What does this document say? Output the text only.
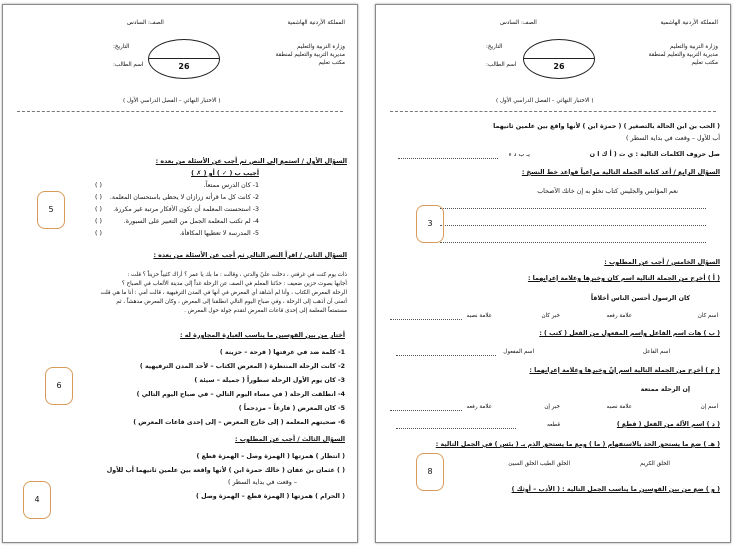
المملكة الأردنية الهاشمية
وزارة التربية والتعليم
مديرية التربية والتعليم لمنطقة
مكتب تعليم
الصف: السادس
التاريخ:
اسم الطالب:	26
( الاختبار النهائي – الفصل الدراسي الأول )
السؤال الأول / استمع إلى النص ثم أجب عن الأسئلة من بعده :
أجيب ب ( ✓ ) أو ( ✗ )
1- كان الدرس ممتعاً.
2- كانت كل ما قرأته زرازان لا يحظى باستحسان المعلمة.
3- استحسنت المعلمة أن تكون الأفكار مرتبة غير مكررة.
4- لم تكتب المعلمة الجمل من التعبير على السبورة.
5- المدرسة لا تعطيها المكافأة.
( )
( )
( )
( )
( )
5
السؤال الثاني / اقرأ النص التالي ثم أجب عن الأسئلة من بعده :
ذات يوم كنت في غرفتي ، دخلت عليّ والدتي ، وقالت : ما بك يا عمر ؟ أراك كئيباً حزيناً ؟ قلت :
أجابها بصوت حزين ضعيف : حدّثنا المعلم في الصف عن الرحلة غداً إلى مدينة الألعاب في الصباح ؟
الرحلة المعرض الكتاب ، وأنا لم أشاهد أي المعرض في أنها في المدن الترفيهية ، قالت أمي : أنا ما هي قلت
أتمنى أن أذهب إلى الرحلة ، وفي صباح اليوم التالي انطلقنا إلى المعرض ، وكان المعرض مدهشاً ، ثم
مستمتعاً المعلمة إلى إحدى قاعات المعرض لتقدم جولة حول المعرض .
أختار من بين القوسين ما يناسب العبارة المجاورة له :
1- كلمة ضد في عرفتها ( فرحة – حزينة )
2- كانت الرحلة المنتظرة ( المعرض الكتاب – لأحد المدن الترفيهية )
3- كان يوم الأول الرحلة سطوراً ( جميلة – سيئة )
4- انطلقت الرحلة ( في مساء اليوم التالي – في صباح اليوم التالي )
5- كان المعرض ( فارغاً – مزدحماً )
6- صحبتهم المعلمة ( إلى خارج المعرض – إلى إحدى قاعات المعرض )
6
السؤال الثالث / أجب عن المطلوب :
( انتظار ) همزتها ( الهمزة وصل – الهمزة قطع )
( ) عثمان بن عفان ( خالك حمزة ابن ) لأنها واقعة بين علمين ثانيهما أب للأول
– وقعت في بداية السطر )
( الحرام ) همزتها ( الهمزة قطع – الهمزة وصل )
4
المملكة الأردنية الهاشمية
وزارة التربية والتعليم
مديرية التربية والتعليم لمنطقة
مكتب تعليم
الصف: السادس
التاريخ:
اسم الطالب:	26
( الاختبار النهائي – الفصل الدراسي الأول )
( الحب بن ابن الحالة بالتصغير ) ( حمزة ابن ) لأنها واقع بين علمين ثانيهما
أب للأول – وقعت في بداية السطر )
صل حروف الكلمات التالية : ي ت ( أ ك ا ن
يـ ب د ء
السؤال الرابع / أعد كتابة الجملة التالية مراعياً قواعد خط النسخ :
نعم المؤانس والجليس كتاب تخلو به إن خانك الأصحاب
3
السؤال الخامس / أجب عن المطلوب :
( أ ) أخرج من الجملة التالية اسم كان وخبرها وعلامة إعرابهما :
كان الرسول أحسن الناس أخلاقاً
اسم كان
علامة رفعه
خبر كان
علامة نصبه
( ب ) هات اسم الفاعل واسم المفعول من الفعل ( كتب ) :
اسم الفاعل
اسم المفعول
( ج ) أخرج من الجملة التالية اسم إنّ وخبرها وعلامة إعرابهما :
إن الرحلة ممتعة
اسم إن
علامة نصبه
خبر إن
علامة رفعه
( د ) اسم الآلة من الفعل ( قطع )
قطعه
( هـ ) ضع ما يستحق الحذ بالاستفهام ( ما ) ومع ما يستحق الذم بـ ( بئس ) في الجمل التالية :
الخلق الكريم
الخلق الطيب الخلق السيئ
( و ) ضع من بين القوسين ما يناسب الجمل التالية : ( الأدب – أوثك )
8
